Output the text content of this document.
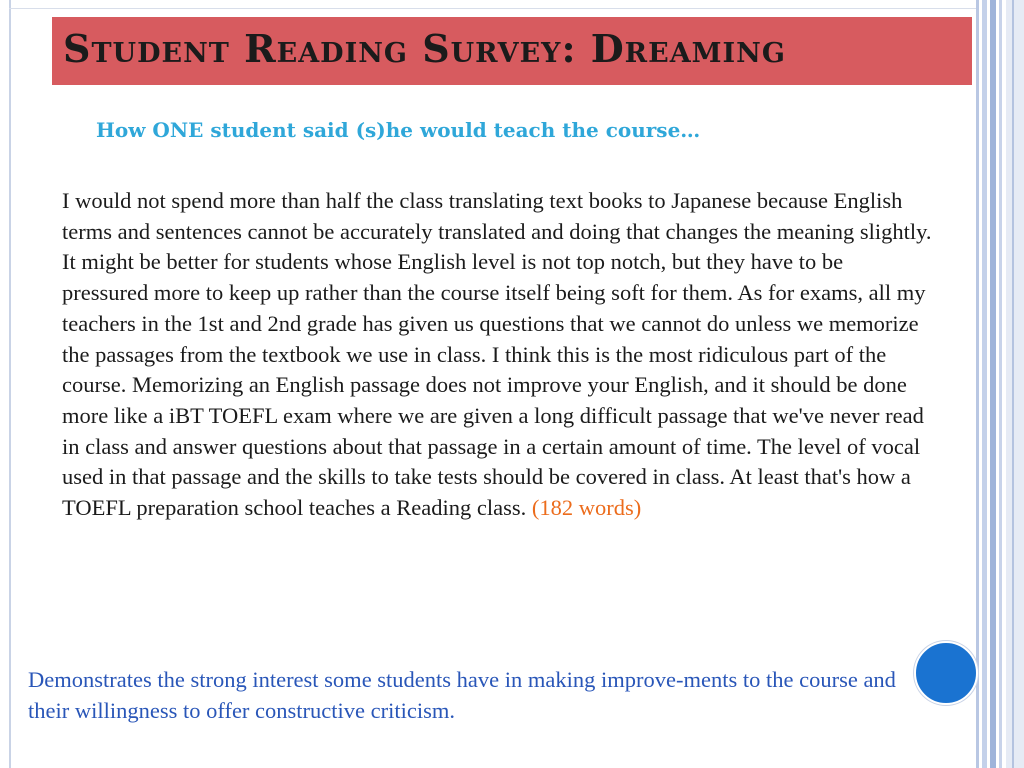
Student Reading Survey: Dreaming
How ONE student said (s)he would teach the course…
I would not spend more than half the class translating text books to Japanese because English terms and sentences cannot be accurately translated and doing that changes the meaning slightly. It might be better for students whose English level is not top notch, but they have to be pressured more to keep up rather than the course itself being soft for them. As for exams, all my teachers in the 1st and 2nd grade has given us questions that we cannot do unless we memorize the passages from the textbook we use in class. I think this is the most ridiculous part of the course. Memorizing an English passage does not improve your English, and it should be done more like a iBT TOEFL exam where we are given a long difficult passage that we've never read in class and answer questions about that passage in a certain amount of time. The level of vocal used in that passage and the skills to take tests should be covered in class. At least that's how a TOEFL preparation school teaches a Reading class. (182 words)
Demonstrates the strong interest some students have in making improve-ments to the course and their willingness to offer constructive criticism.
